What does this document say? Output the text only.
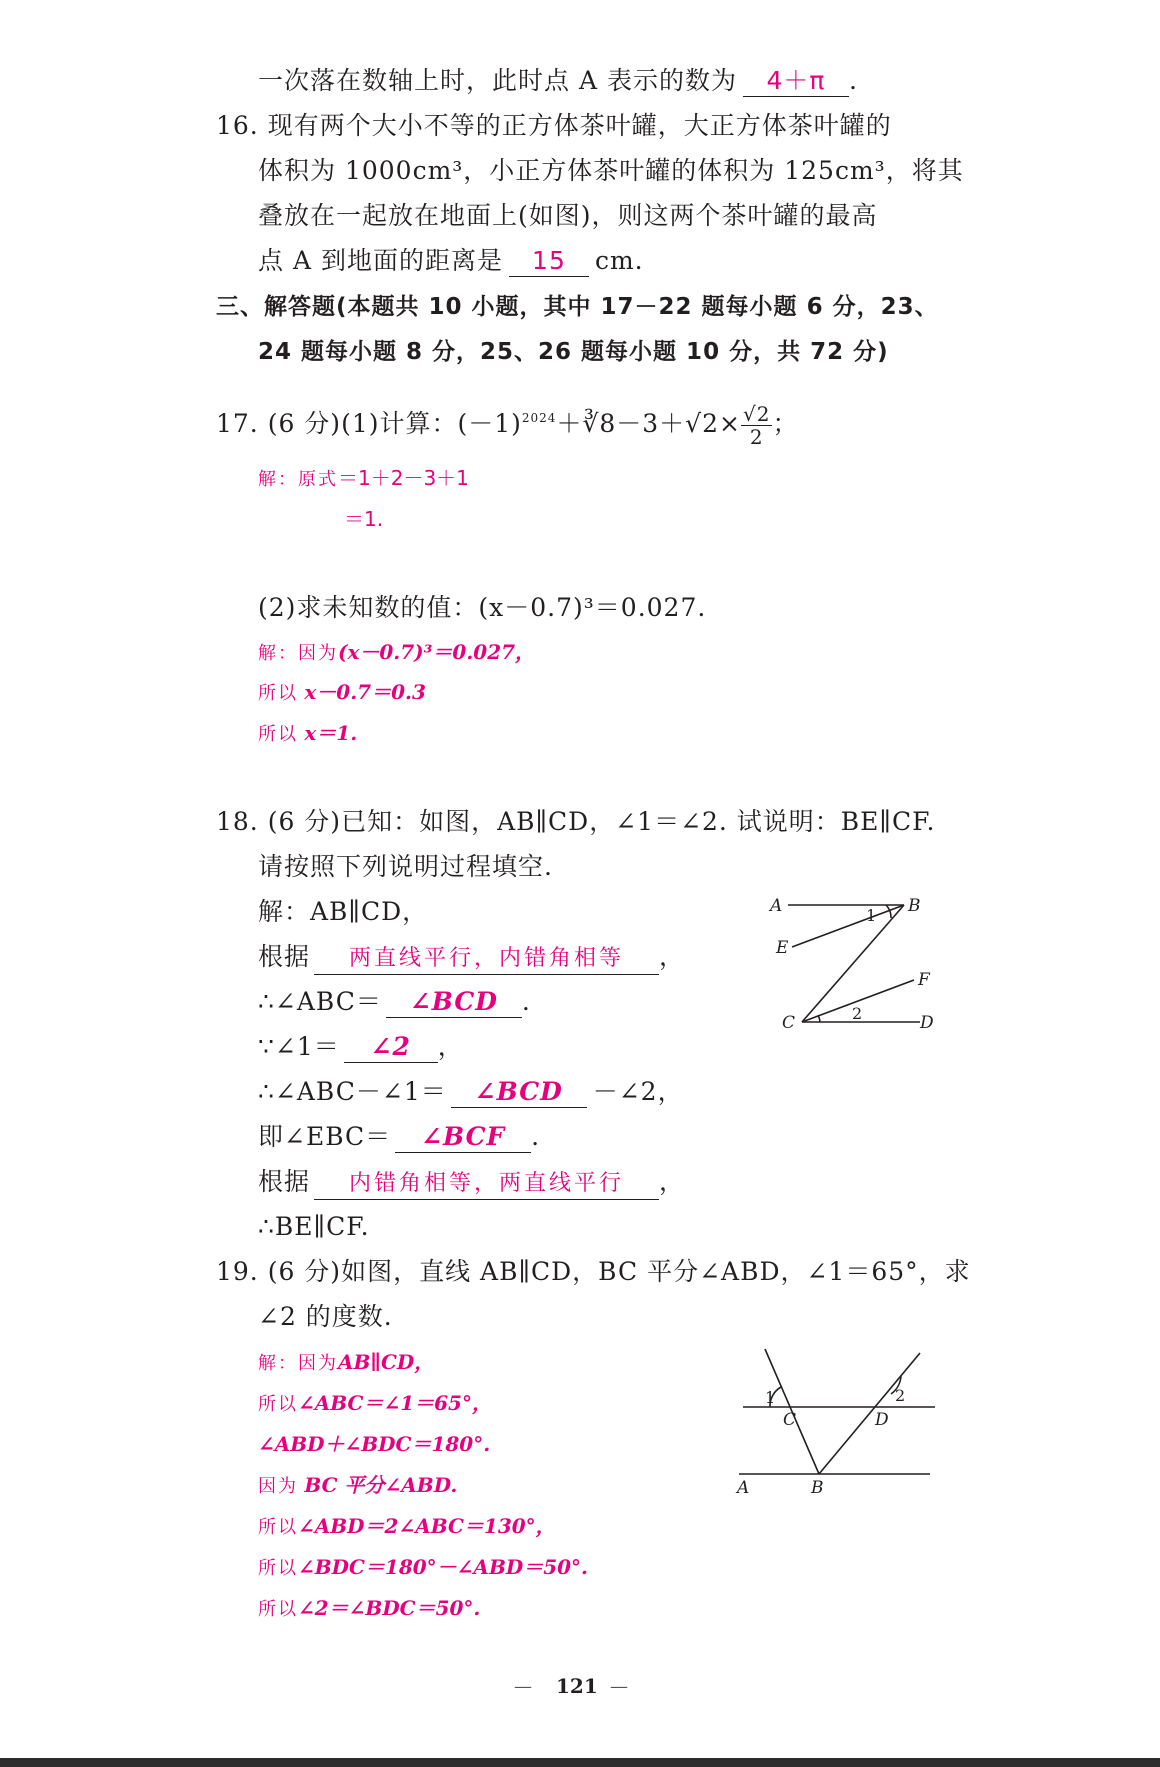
一次落在数轴上时，此时点 A 表示的数为 4＋π .
16. 现有两个大小不等的正方体茶叶罐，大正方体茶叶罐的
体积为 1000cm³，小正方体茶叶罐的体积为 125cm³，将其
叠放在一起放在地面上(如图)，则这两个茶叶罐的最高
点 A 到地面的距离是 15 cm.
三、解答题(本题共 10 小题，其中 17－22 题每小题 6 分，23、
24 题每小题 8 分，25、26 题每小题 10 分，共 72 分)
17. (6 分)(1)计算：$(-1)^{2024}+∛8-3+√2\times \frac{√2}{2}$ ；
解：原式＝1＋2－3＋1
＝1.
(2)求未知数的值：(x－0.7)³＝0.027.
解：因为(x－0.7)³＝0.027，
所以 x－0.7＝0.3
所以 x＝1.
18. (6 分)已知：如图，AB∥CD，∠1＝∠2. 试说明：BE∥CF.
请按照下列说明过程填空.
解：AB∥CD，
根据 两直线平行，内错角相等 ，
∴∠ABC＝ ∠BCD .
∵∠1＝ ∠2 ，
∴∠ABC－∠1＝ ∠BCD －∠2，
即∠EBC＝ ∠BCF .
根据 内错角相等，两直线平行 ，
∴BE∥CF.
A	B
E
F
C	D
1
2
19. (6 分)如图，直线 AB∥CD，BC 平分∠ABD，∠1＝65°，求
∠2 的度数.
解：因为AB∥CD，
所以∠ABC＝∠1＝65°，
∠ABD＋∠BDC＝180°.
因为 BC 平分∠ABD.
所以∠ABD＝2∠ABC＝130°，
所以∠BDC＝180°－∠ABD＝50°.
所以∠2＝∠BDC＝50°.
1
C	D
2
A	B
— 121 —
